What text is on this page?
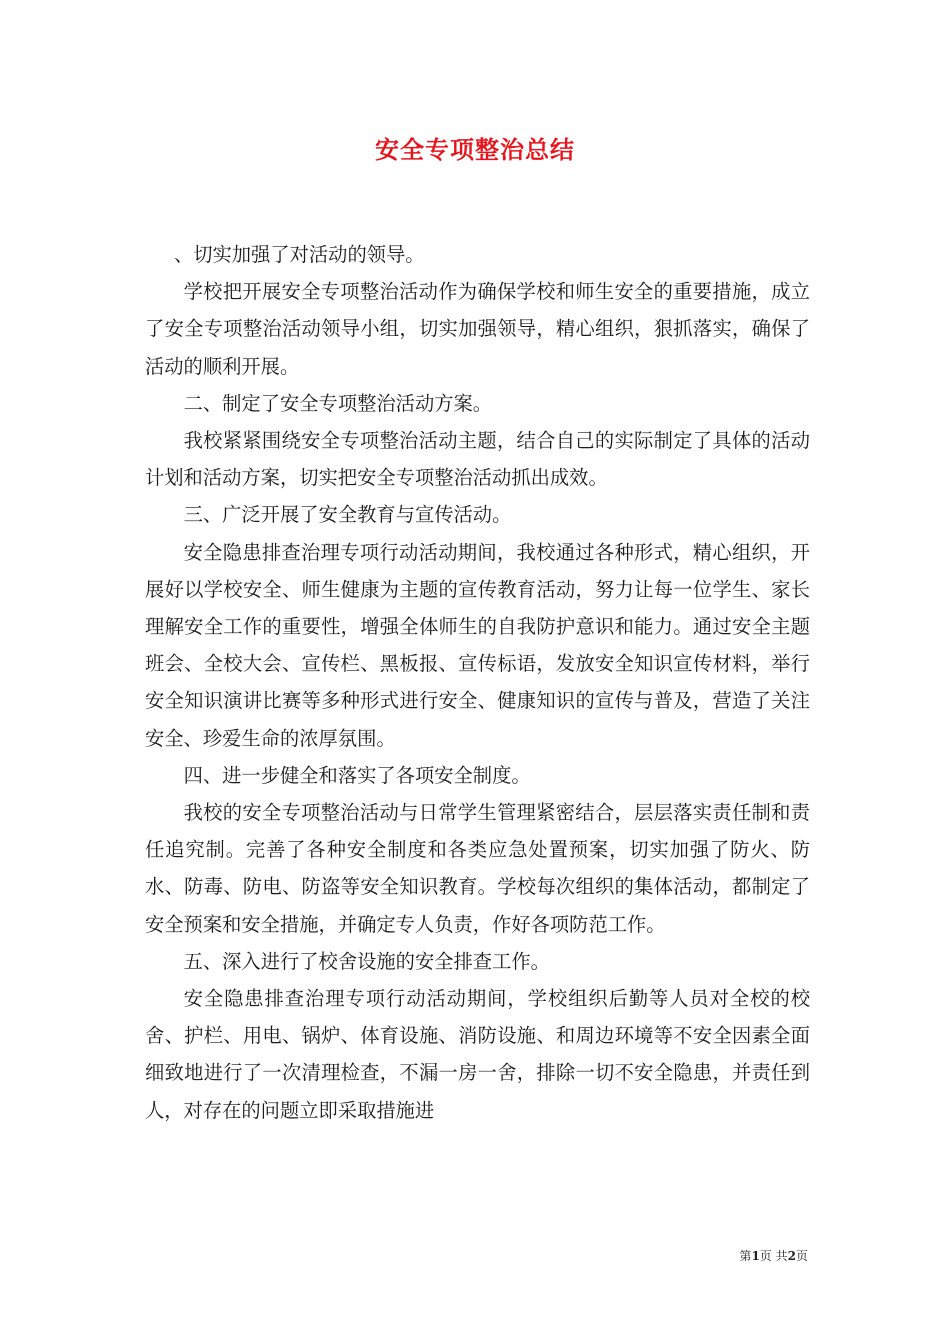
安全专项整治总结

、切实加强了对活动的领导。

学校把开展安全专项整治活动作为确保学校和师生安全的重要措施，成立了安全专项整治活动领导小组，切实加强领导，精心组织，狠抓落实，确保了活动的顺利开展。

二、制定了安全专项整治活动方案。

我校紧紧围绕安全专项整治活动主题，结合自己的实际制定了具体的活动计划和活动方案，切实把安全专项整治活动抓出成效。

三、广泛开展了安全教育与宣传活动。

安全隐患排查治理专项行动活动期间，我校通过各种形式，精心组织，开展好以学校安全、师生健康为主题的宣传教育活动，努力让每一位学生、家长理解安全工作的重要性，增强全体师生的自我防护意识和能力。通过安全主题班会、全校大会、宣传栏、黑板报、宣传标语，发放安全知识宣传材料，举行安全知识演讲比赛等多种形式进行安全、健康知识的宣传与普及，营造了关注安全、珍爱生命的浓厚氛围。

四、进一步健全和落实了各项安全制度。

我校的安全专项整治活动与日常学生管理紧密结合，层层落实责任制和责任追究制。完善了各种安全制度和各类应急处置预案，切实加强了防火、防水、防毒、防电、防盗等安全知识教育。学校每次组织的集体活动，都制定了安全预案和安全措施，并确定专人负责，作好各项防范工作。

五、深入进行了校舍设施的安全排查工作。

安全隐患排查治理专项行动活动期间，学校组织后勤等人员对全校的校舍、护栏、用电、锅炉、体育设施、消防设施、和周边环境等不安全因素全面细致地进行了一次清理检查，不漏一房一舍，排除一切不安全隐患，并责任到人，对存在的问题立即采取措施进

第1页 共2页
